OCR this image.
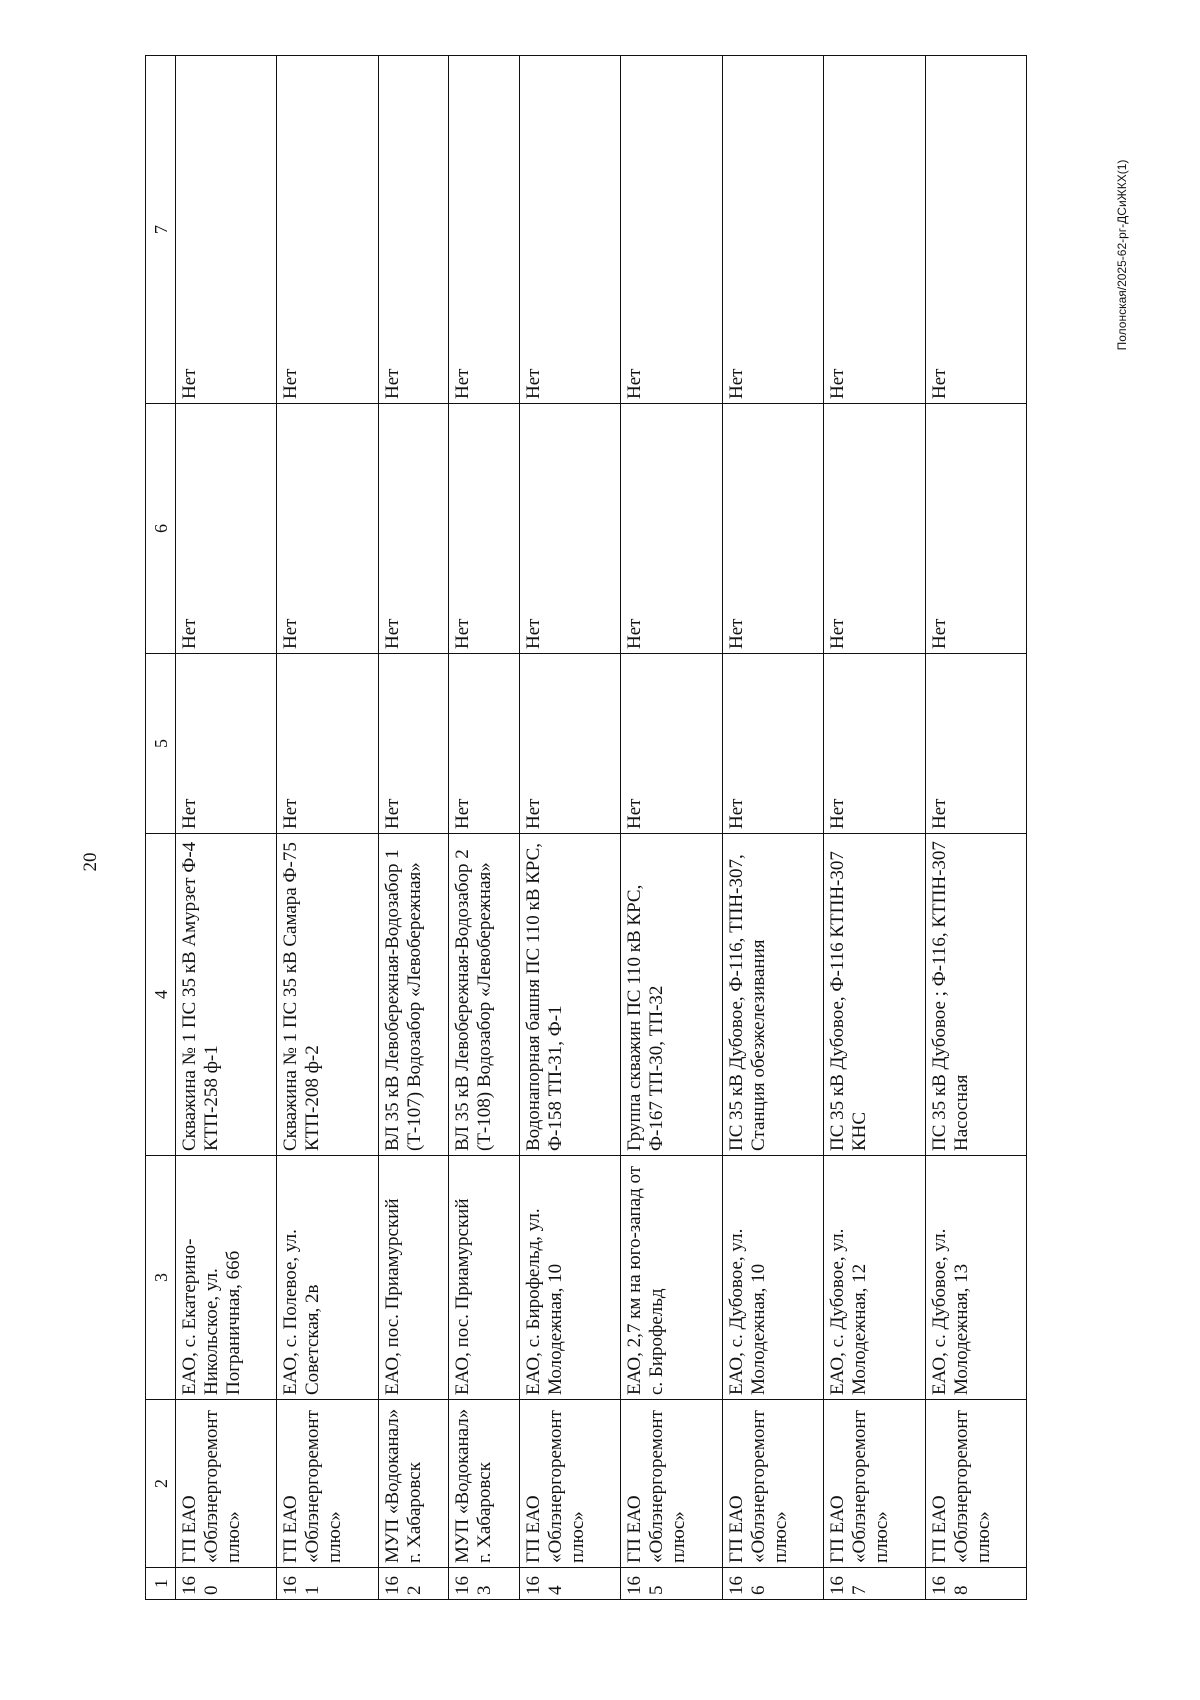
20
Полонская/2025-62-рг-ДСиЖКХ(1)
1	2	3	4	5	6	7
160	ГП ЕАО «Облэнергоремонт плюс»	ЕАО, с. Екатерино-Никольское, ул. Пограничная, 66б	Скважина № 1 ПС 35 кВ Амурзет Ф-4 КТП-258 ф-1	Нет	Нет	Нет
161	ГП ЕАО «Облэнергоремонт плюс»	ЕАО, с. Полевое, ул. Советская, 2в	Скважина № 1 ПС 35 кВ Самара Ф-75 КТП-208 ф-2	Нет	Нет	Нет
162	МУП «Водоканал» г. Хабаровск	ЕАО, пос. Приамурский	ВЛ 35 кВ Левобережная-Водозабор 1 (Т-107) Водозабор «Левобережная»	Нет	Нет	Нет
163	МУП «Водоканал» г. Хабаровск	ЕАО, пос. Приамурский	ВЛ 35 кВ Левобережная-Водозабор 2 (Т-108) Водозабор «Левобережная»	Нет	Нет	Нет
164	ГП ЕАО «Облэнергоремонт плюс»	ЕАО, с. Бирофельд, ул. Молодежная, 10	Водонапорная башня ПС 110 кВ КРС, Ф-158 ТП-31, Ф-1	Нет	Нет	Нет
165	ГП ЕАО «Облэнергоремонт плюс»	ЕАО, 2,7 км на юго-запад от с. Бирофельд	Группа скважин ПС 110 кВ КРС, Ф-167 ТП-30, ТП-32	Нет	Нет	Нет
166	ГП ЕАО «Облэнергоремонт плюс»	ЕАО, с. Дубовое, ул. Молодежная, 10	ПС 35 кВ Дубовое, Ф-116, ТПН-307, Станция обезжелезивания	Нет	Нет	Нет
167	ГП ЕАО «Облэнергоремонт плюс»	ЕАО, с. Дубовое, ул. Молодежная, 12	ПС 35 кВ Дубовое, Ф-116 КТПН-307 КНС	Нет	Нет	Нет
168	ГП ЕАО «Облэнергоремонт плюс»	ЕАО, с. Дубовое, ул. Молодежная, 13	ПС 35 кВ Дубовое ; Ф-116, КТПН-307 Насосная	Нет	Нет	Нет
